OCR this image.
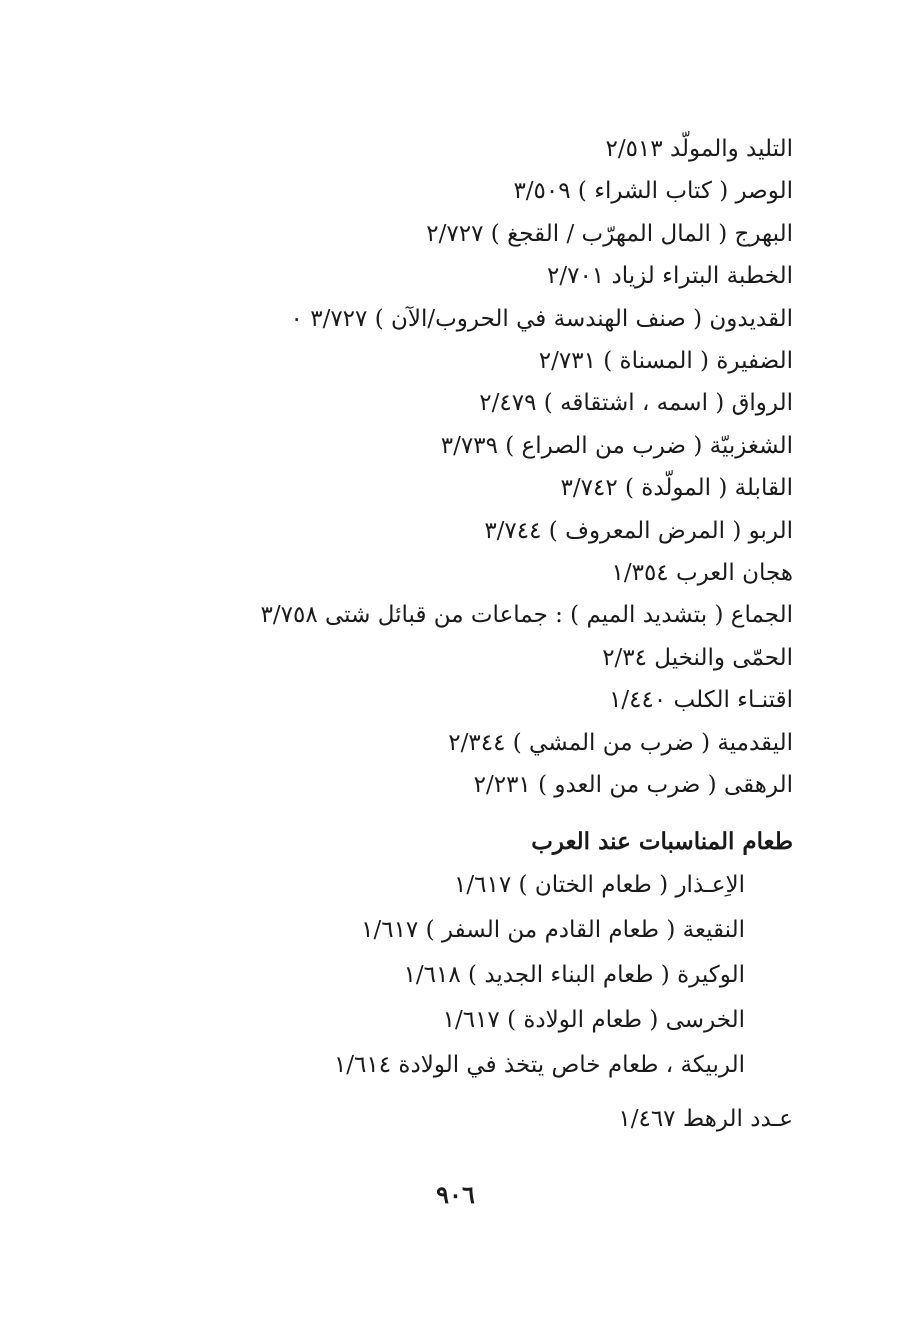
التليد والمولّد ٢/٥١٣
الوصر ( كتاب الشراء ) ٣/٥٠٩
البهرج ( المال المهرّب / القجغ ) ٢/٧٢٧
الخطبة البتراء لزياد ٢/٧٠١
القديدون ( صنف الهندسة في الحروب/الآن ) ٣/٧٢٧ ٠
الضفيرة ( المسناة ) ٢/٧٣١
الرواق ( اسمه ، اشتقاقه ) ٢/٤٧٩
الشغزبيّة ( ضرب من الصراع ) ٣/٧٣٩
القابلة ( المولّدة ) ٣/٧٤٢
الربو ( المرض المعروف ) ٣/٧٤٤
هجان العرب ١/٣٥٤
الجماع ( بتشديد الميم ) : جماعات من قبائل شتى ٣/٧٥٨
الحمّى والنخيل ٢/٣٤
اقتنـاء الكلب ١/٤٤٠
اليقدمية ( ضرب من المشي ) ٢/٣٤٤
الرهقى ( ضرب من العدو ) ٢/٢٣١
طعام المناسبات عند العرب
الاِعـذار ( طعام الختان ) ١/٦١٧
النقيعة ( طعام القادم من السفر ) ١/٦١٧
الوكيرة ( طعام البناء الجديد ) ١/٦١٨
الخرسى ( طعام الولادة ) ١/٦١٧
الربيكة ، طعام خاص يتخذ في الولادة ١/٦١٤
عـدد الرهط ١/٤٦٧
٩٠٦
